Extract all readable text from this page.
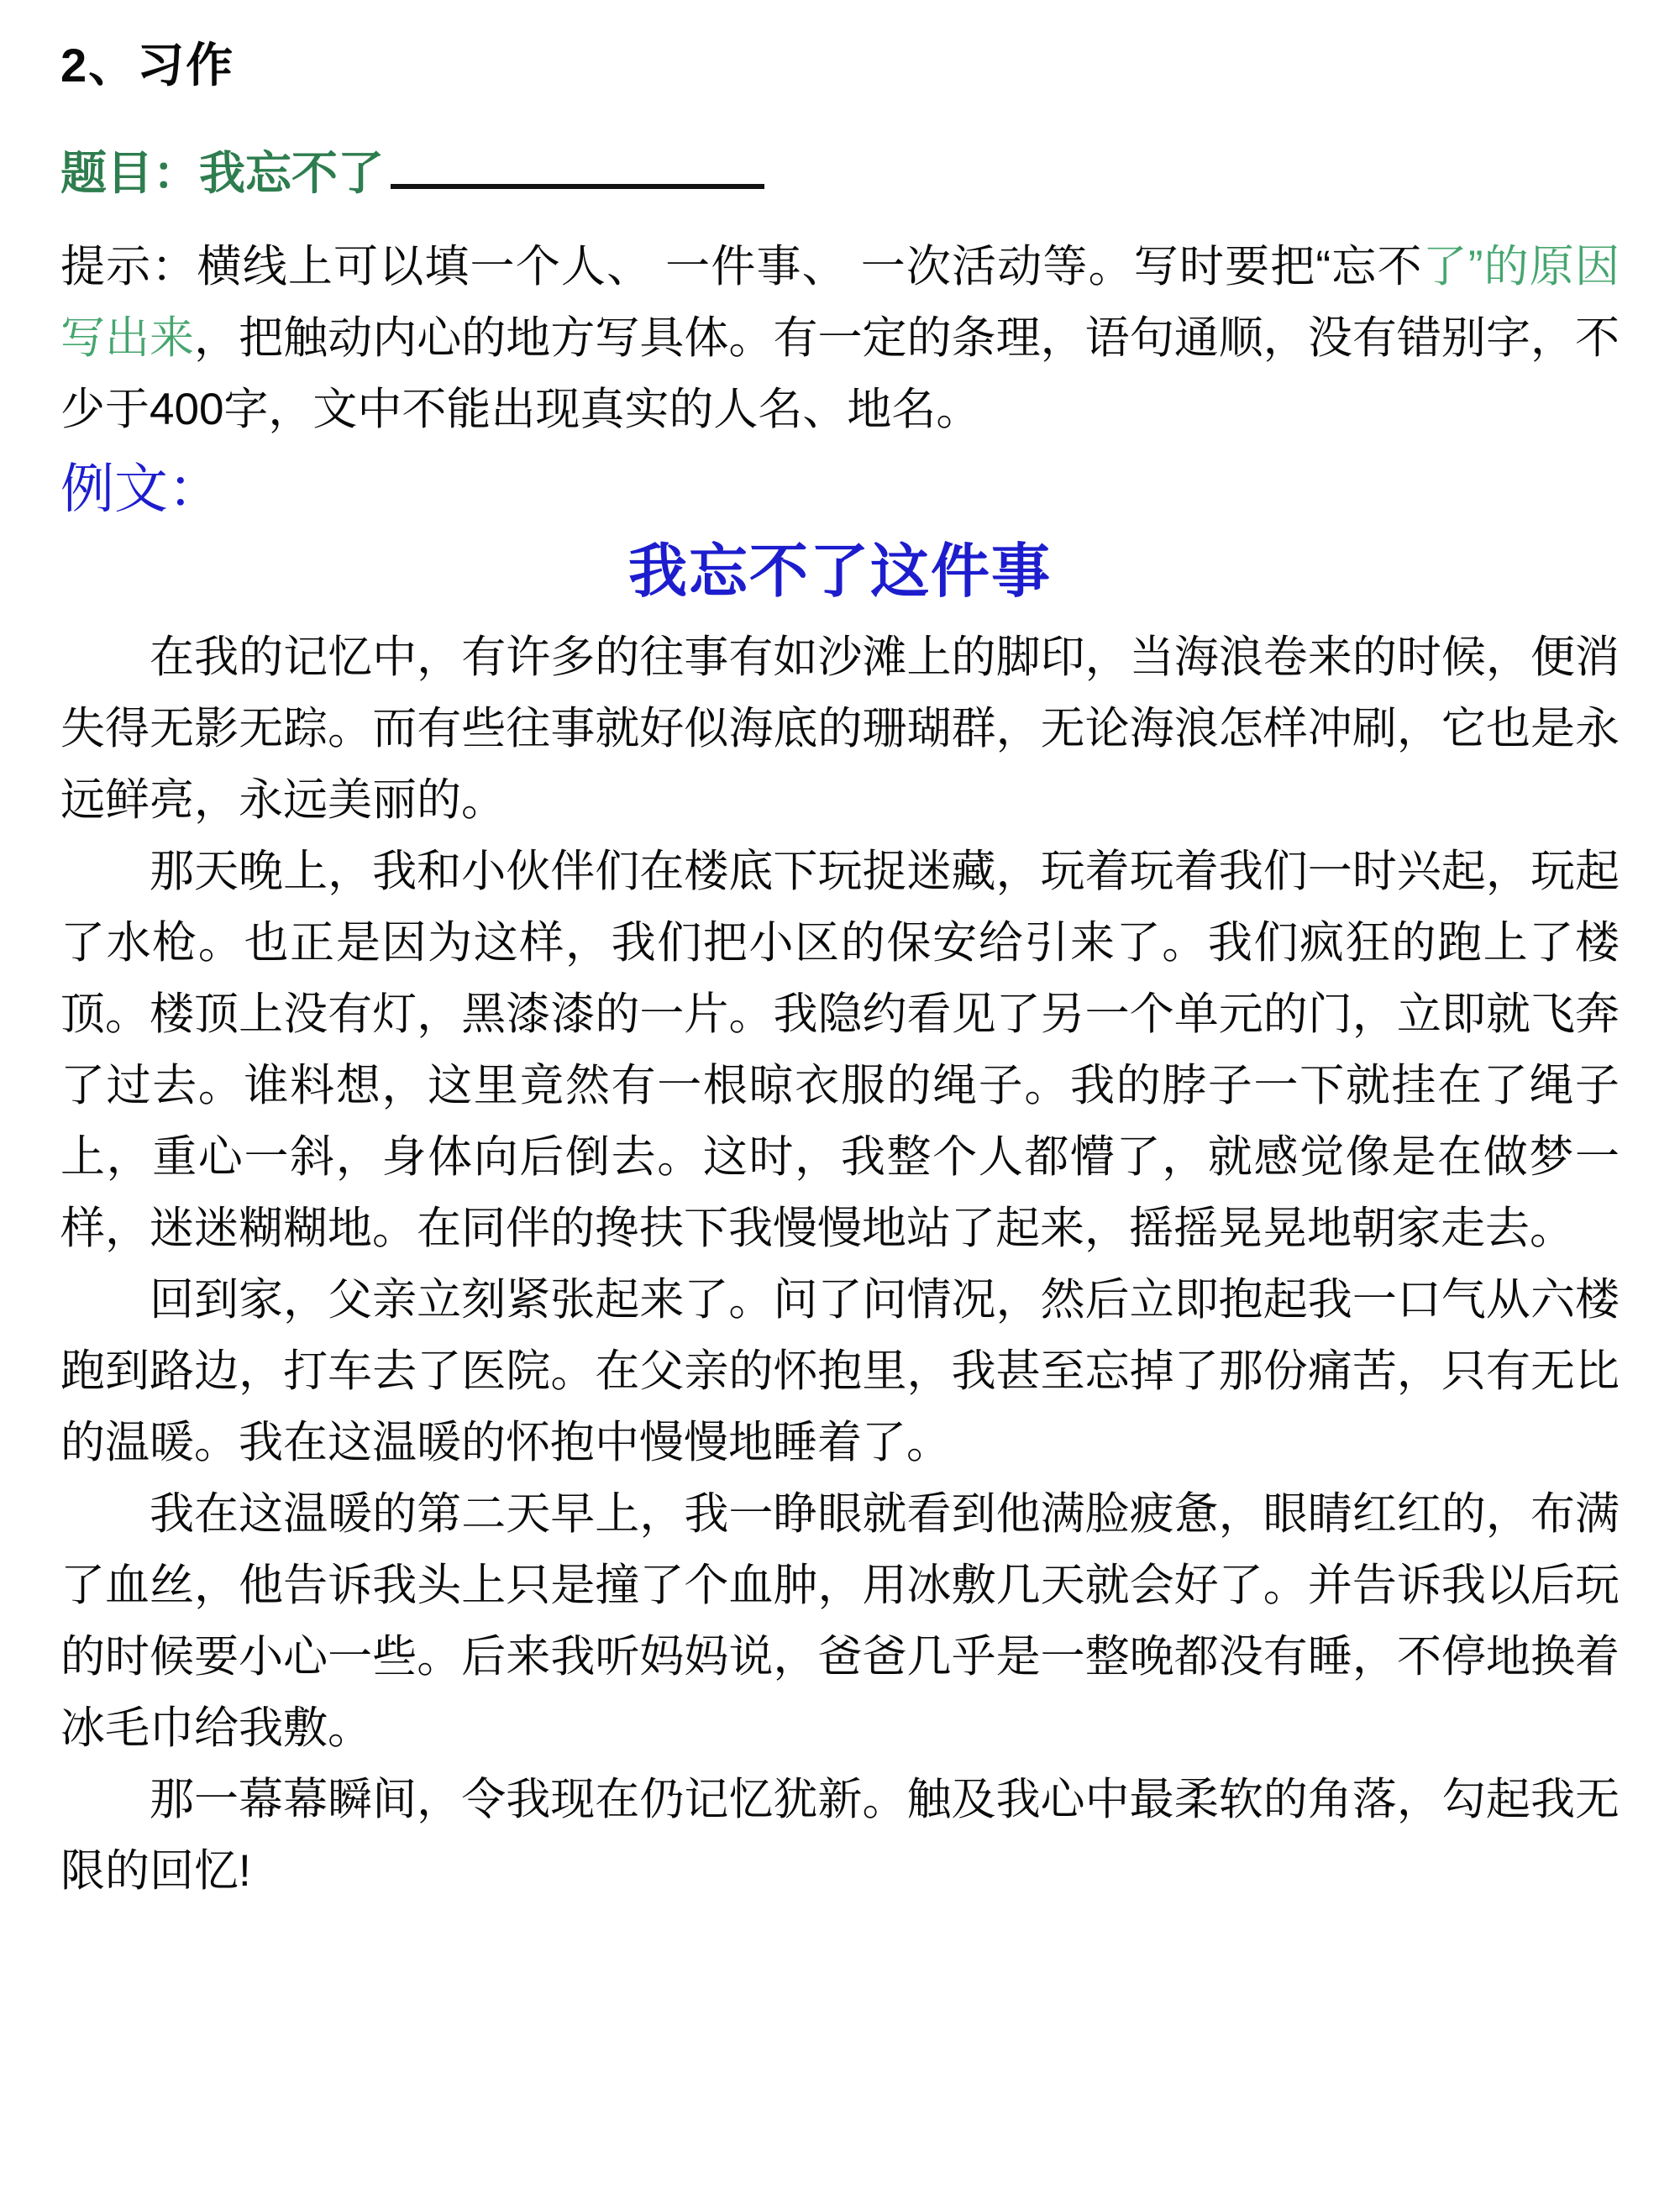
2、习作
题目：我忘不了

提示：横线上可以填一个人、 一件事、 一次活动等。写时要把“忘不了”的原因写出来，把触动内心的地方写具体。有一定的条理，语句通顺，没有错别字，不少于400字，文中不能出现真实的人名、地名。

例文：
我忘不了这件事

在我的记忆中，有许多的往事有如沙滩上的脚印，当海浪卷来的时候，便消失得无影无踪。而有些往事就好似海底的珊瑚群，无论海浪怎样冲刷，它也是永远鲜亮，永远美丽的。

那天晚上，我和小伙伴们在楼底下玩捉迷藏，玩着玩着我们一时兴起，玩起了水枪。也正是因为这样，我们把小区的保安给引来了。我们疯狂的跑上了楼顶。楼顶上没有灯，黑漆漆的一片。我隐约看见了另一个单元的门，立即就飞奔了过去。谁料想，这里竟然有一根晾衣服的绳子。我的脖子一下就挂在了绳子上，重心一斜，身体向后倒去。这时，我整个人都懵了，就感觉像是在做梦一样，迷迷糊糊地。在同伴的搀扶下我慢慢地站了起来，摇摇晃晃地朝家走去。

回到家，父亲立刻紧张起来了。问了问情况，然后立即抱起我一口气从六楼跑到路边，打车去了医院。在父亲的怀抱里，我甚至忘掉了那份痛苦，只有无比的温暖。我在这温暖的怀抱中慢慢地睡着了。

我在这温暖的第二天早上，我一睁眼就看到他满脸疲惫，眼睛红红的，布满了血丝，他告诉我头上只是撞了个血肿，用冰敷几天就会好了。并告诉我以后玩的时候要小心一些。后来我听妈妈说，爸爸几乎是一整晚都没有睡，不停地换着冰毛巾给我敷。

那一幕幕瞬间，令我现在仍记忆犹新。触及我心中最柔软的角落，勾起我无限的回忆!
